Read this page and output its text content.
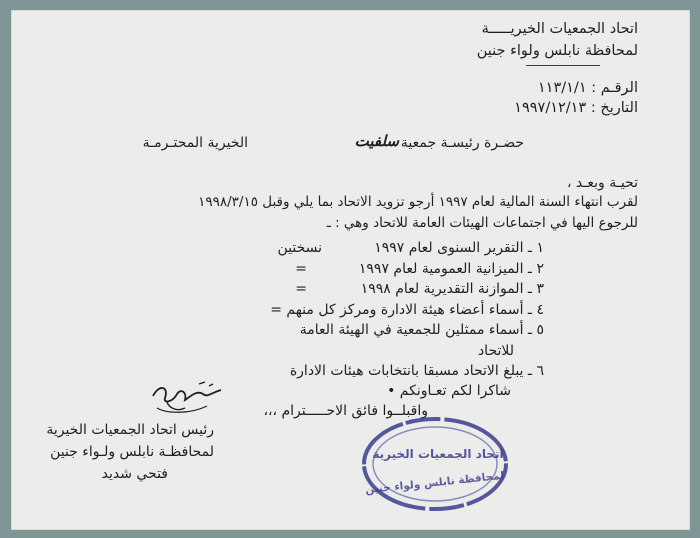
اتحاد الجمعيات الخيريـــــة
لمحافظة نابلس ولواء جنين
الرقـم : ١١٣/١/١
التاريخ : ١٩٩٧/١٢/١٣
حضـرة رئيسـة جمعية
سلفيت
الخيرية المحتـرمـة
تحيـة وبعـد ،
لقرب انتهاء السنة المالية لعام ١٩٩٧ أرجو تزويد الاتحاد بما يلي وقبل ١٩٩٨/٣/١٥
للرجوع اليها في اجتماعات الهيئات العامة للاتحاد وهي : ـ
١ ـ التقرير السنوى لعام ١٩٩٧
نسختين
٢ ـ الميزانية العمومية لعام ١٩٩٧
=
٣ ـ الموازنة التقديرية لعام ١٩٩٨
=
٤ ـ أسماء أعضاء هيئة الادارة ومركز كل منهم =
٥ ـ أسماء ممثلين للجمعية في الهيئة العامة
للاتحاد
٦ ـ يبلغ الاتحاد مسبقا بانتخابات هيئات الادارة
شاكرا لكم تعـاونكم •
واقبلــوا فائق الاحـــــترام ،،،
رئيس اتحاد الجمعيات الخيرية
لمحافظـة نابلس ولـواء جنين
فتحي شديد
اتحاد الجمعيات الخيرية
لمحافظة نابلس ولواء جنين
